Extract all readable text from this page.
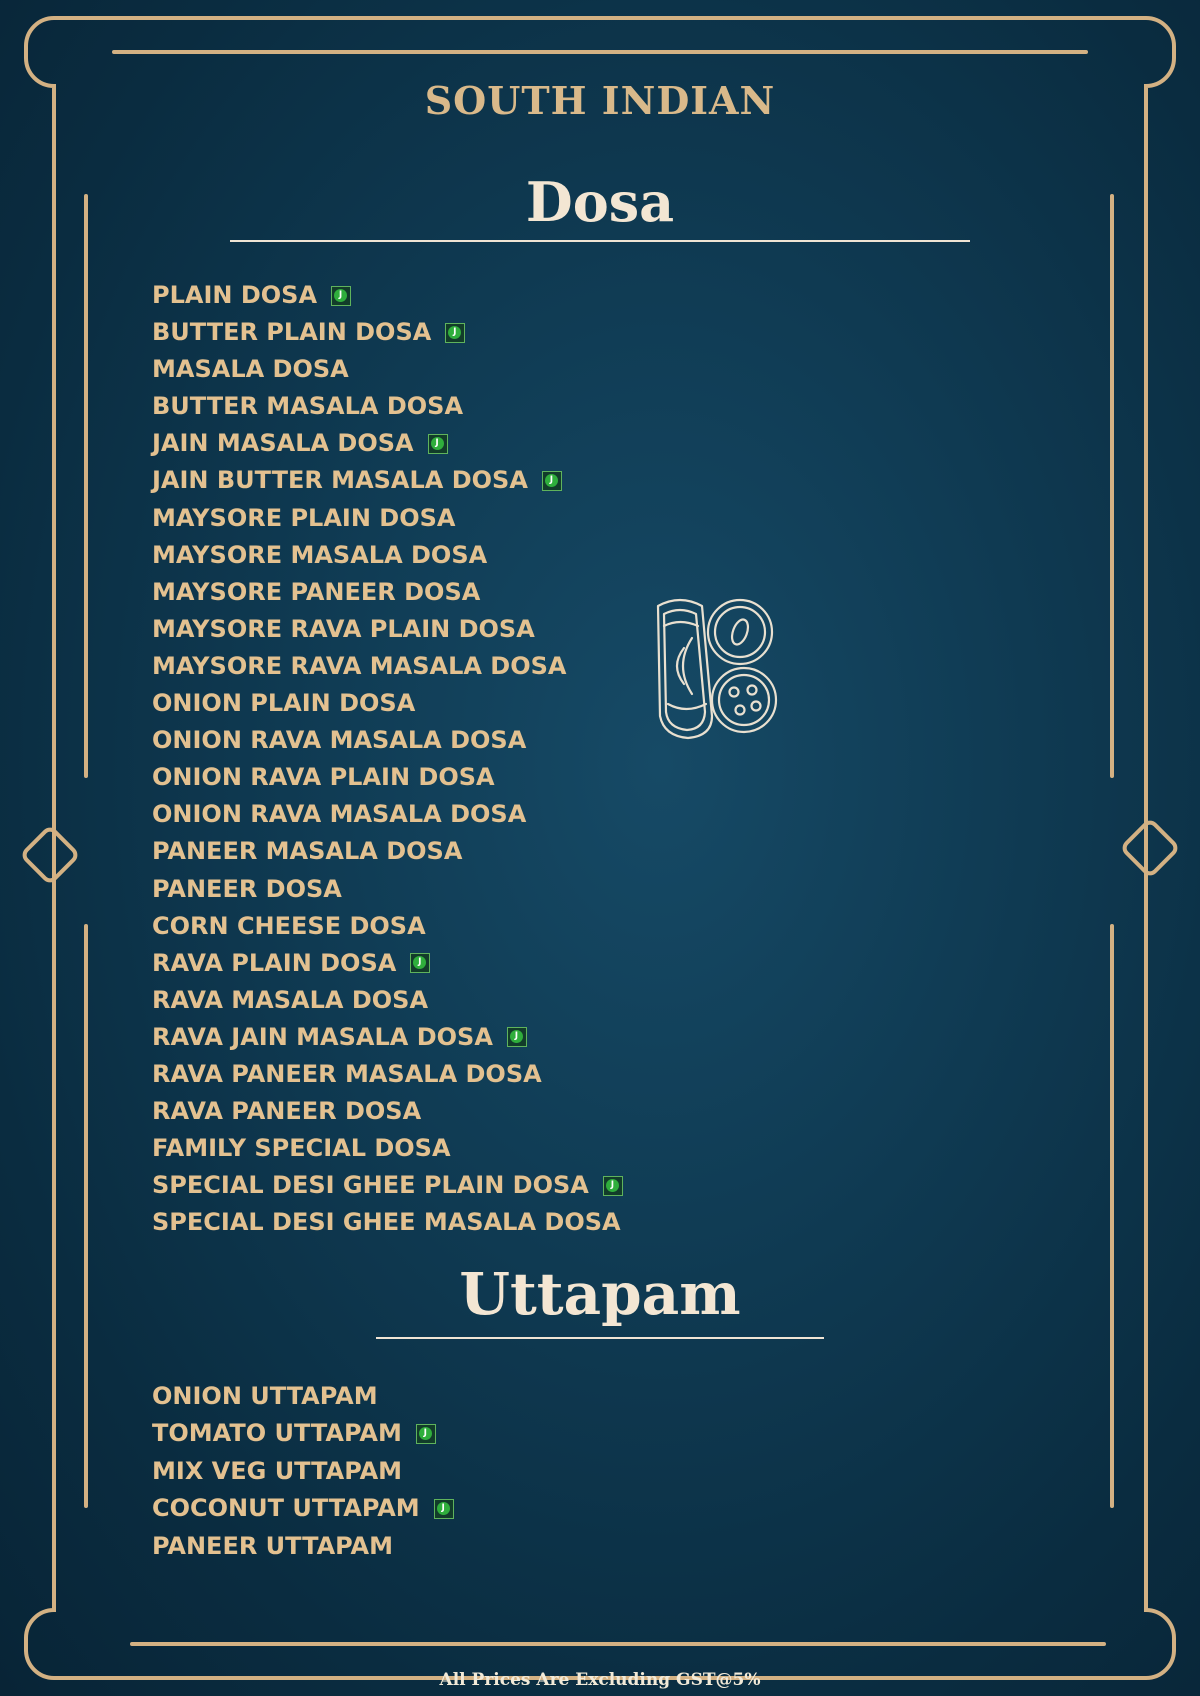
SOUTH INDIAN
Dosa
PLAIN DOSA
J
BUTTER PLAIN DOSA
J
MASALA DOSA
BUTTER MASALA DOSA
JAIN MASALA DOSA
J
JAIN BUTTER MASALA DOSA
J
MAYSORE PLAIN DOSA
MAYSORE MASALA DOSA
MAYSORE PANEER DOSA
MAYSORE RAVA PLAIN DOSA
MAYSORE RAVA MASALA DOSA
ONION PLAIN DOSA
ONION RAVA MASALA DOSA
ONION RAVA PLAIN DOSA
ONION RAVA MASALA DOSA
PANEER MASALA DOSA
PANEER DOSA
CORN CHEESE DOSA
RAVA PLAIN DOSA
J
RAVA MASALA DOSA
RAVA JAIN MASALA DOSA
J
RAVA PANEER MASALA DOSA
RAVA PANEER DOSA
FAMILY SPECIAL DOSA
SPECIAL DESI GHEE PLAIN DOSA
J
SPECIAL DESI GHEE MASALA DOSA
Uttapam
ONION UTTAPAM
TOMATO UTTAPAM
J
MIX VEG UTTAPAM
COCONUT UTTAPAM
J
PANEER UTTAPAM
All Prices Are Excluding GST@5%
